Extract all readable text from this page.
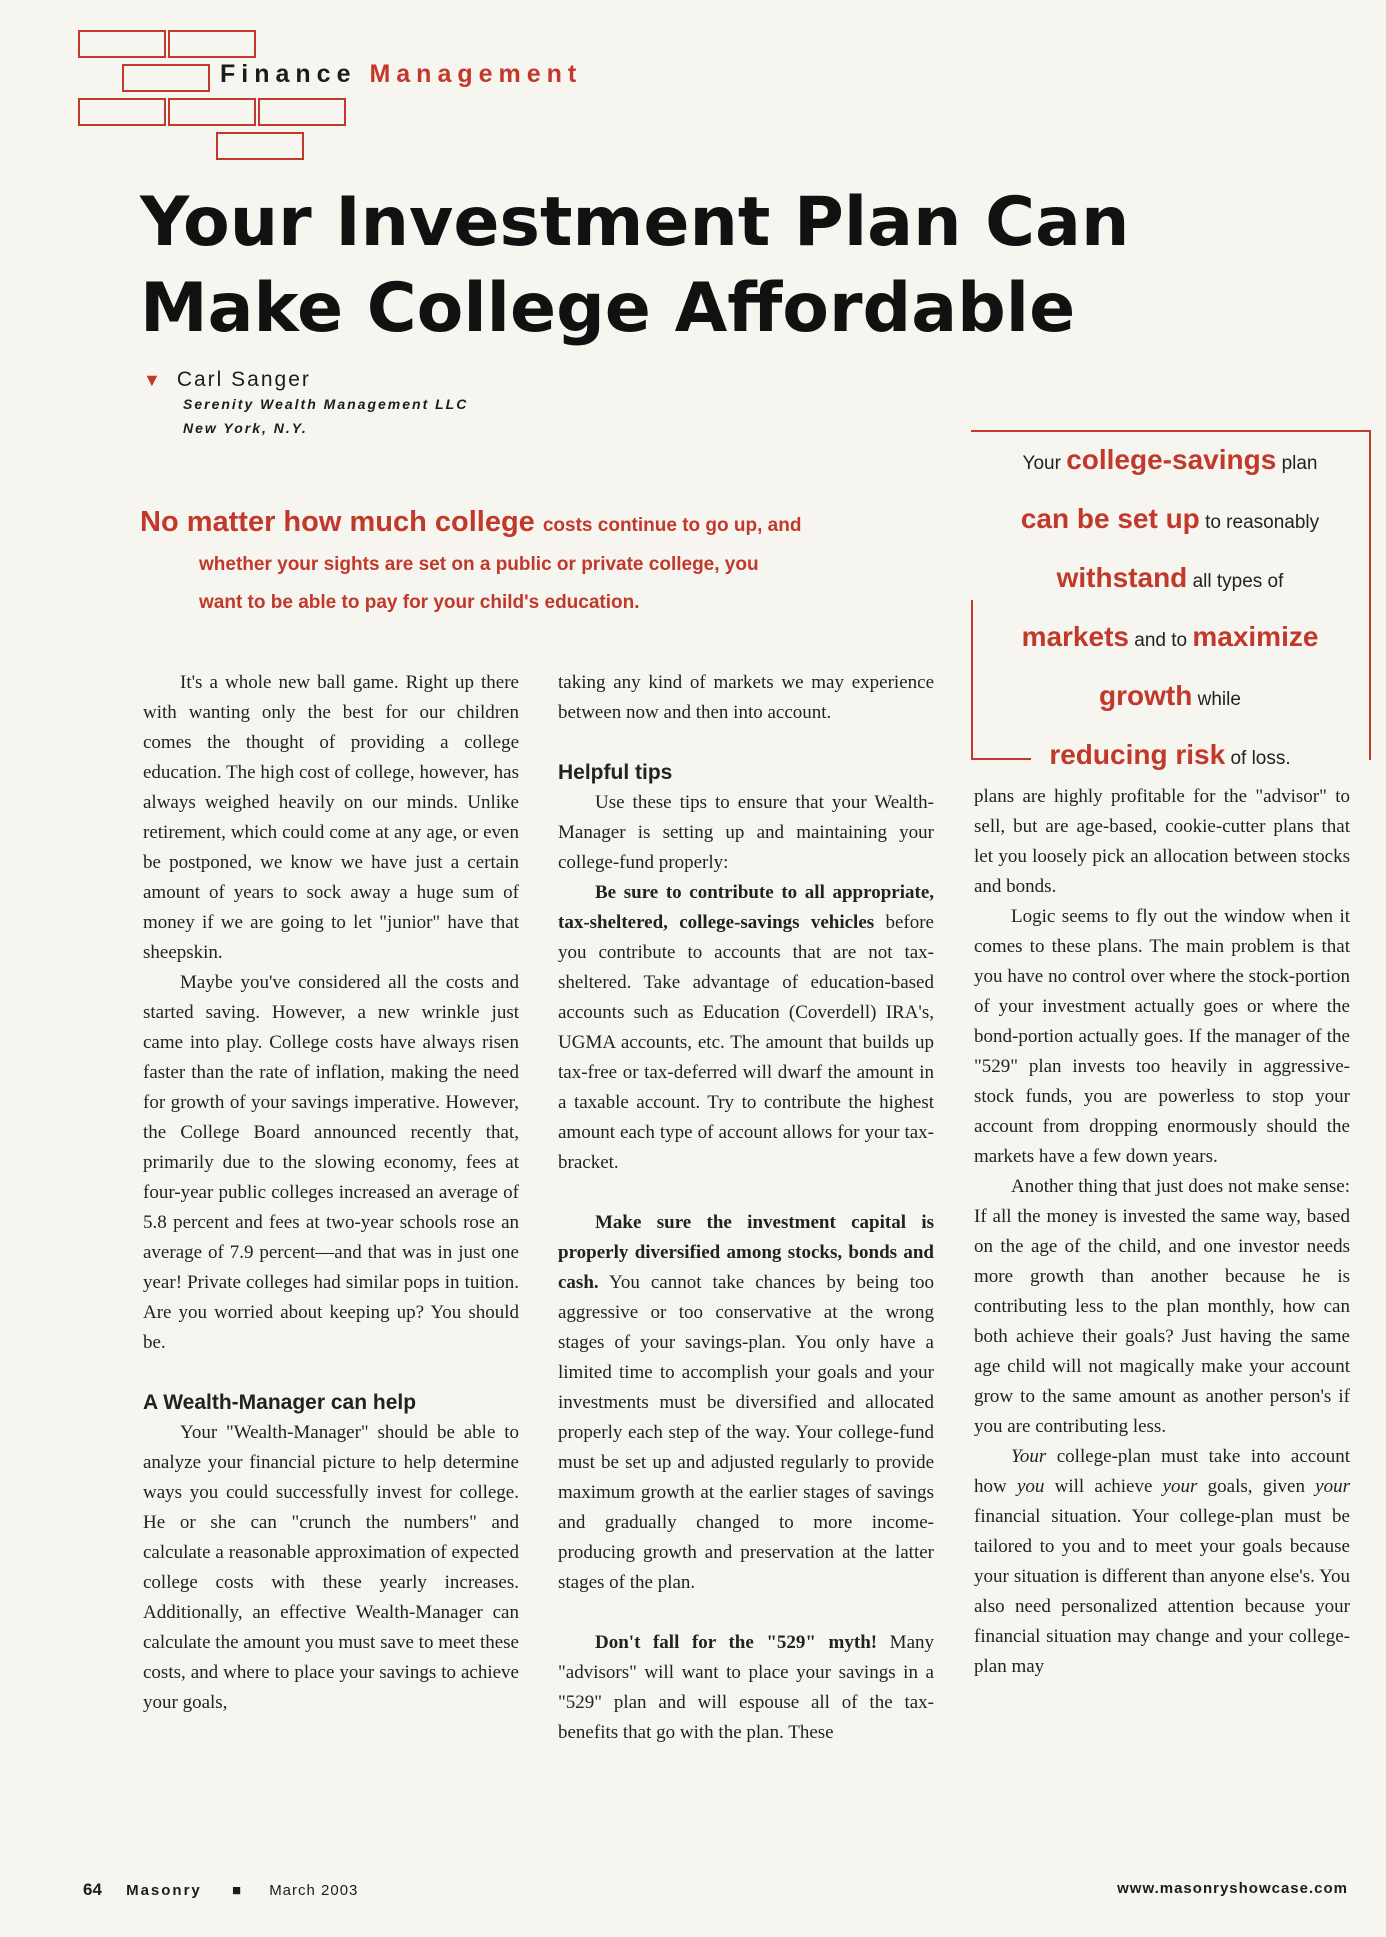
Finance Management
Your Investment Plan Can
Make College Affordable
▼ Carl Sanger
Serenity Wealth Management LLC
New York, N.Y.
No matter how much college costs continue to go up, and
whether your sights are set on a public or private college, you
want to be able to pay for your child's education.
Your college-savings plan
can be set up to reasonably
withstand all types of
markets and to maximize
growth while
reducing risk of loss.

It's a whole new ball game. Right up there with wanting only the best for our children comes the thought of providing a college education. The high cost of college, however, has always weighed heavily on our minds. Unlike retirement, which could come at any age, or even be postponed, we know we have just a certain amount of years to sock away a huge sum of money if we are going to let "junior" have that sheepskin.

Maybe you've considered all the costs and started saving. However, a new wrinkle just came into play. College costs have always risen faster than the rate of inflation, making the need for growth of your savings imperative. However, the College Board announced recently that, primarily due to the slowing economy, fees at four-year public colleges increased an average of 5.8 percent and fees at two-year schools rose an average of 7.9 percent—and that was in just one year! Private colleges had similar pops in tuition. Are you worried about keeping up? You should be.

A Wealth-Manager can help

Your "Wealth-Manager" should be able to analyze your financial picture to help determine ways you could successfully invest for college. He or she can "crunch the numbers" and calculate a reasonable approximation of expected college costs with these yearly increases. Additionally, an effective Wealth-Manager can calculate the amount you must save to meet these costs, and where to place your savings to achieve your goals,

taking any kind of markets we may experience between now and then into account.

Helpful tips

Use these tips to ensure that your Wealth-Manager is setting up and maintaining your college-fund properly:

Be sure to contribute to all appropriate, tax-sheltered, college-savings vehicles before you contribute to accounts that are not tax-sheltered. Take advantage of education-based accounts such as Education (Coverdell) IRA's, UGMA accounts, etc. The amount that builds up tax-free or tax-deferred will dwarf the amount in a taxable account. Try to contribute the highest amount each type of account allows for your tax-bracket.

Make sure the investment capital is properly diversified among stocks, bonds and cash. You cannot take chances by being too aggressive or too conservative at the wrong stages of your savings-plan. You only have a limited time to accomplish your goals and your investments must be diversified and allocated properly each step of the way. Your college-fund must be set up and adjusted regularly to provide maximum growth at the earlier stages of savings and gradually changed to more income-producing growth and preservation at the latter stages of the plan.

Don't fall for the "529" myth! Many "advisors" will want to place your savings in a "529" plan and will espouse all of the tax-benefits that go with the plan. These

plans are highly profitable for the "advisor" to sell, but are age-based, cookie-cutter plans that let you loosely pick an allocation between stocks and bonds.

Logic seems to fly out the window when it comes to these plans. The main problem is that you have no control over where the stock-portion of your investment actually goes or where the bond-portion actually goes. If the manager of the "529" plan invests too heavily in aggressive-stock funds, you are powerless to stop your account from dropping enormously should the markets have a few down years.

Another thing that just does not make sense: If all the money is invested the same way, based on the age of the child, and one investor needs more growth than another because he is contributing less to the plan monthly, how can both achieve their goals? Just having the same age child will not magically make your account grow to the same amount as another person's if you are contributing less.

Your college-plan must take into account how you will achieve your goals, given your financial situation. Your college-plan must be tailored to you and to meet your goals because your situation is different than anyone else's. You also need personalized attention because your financial situation may change and your college-plan may

64 Masonry ■ March 2003	www.masonryshowcase.com
